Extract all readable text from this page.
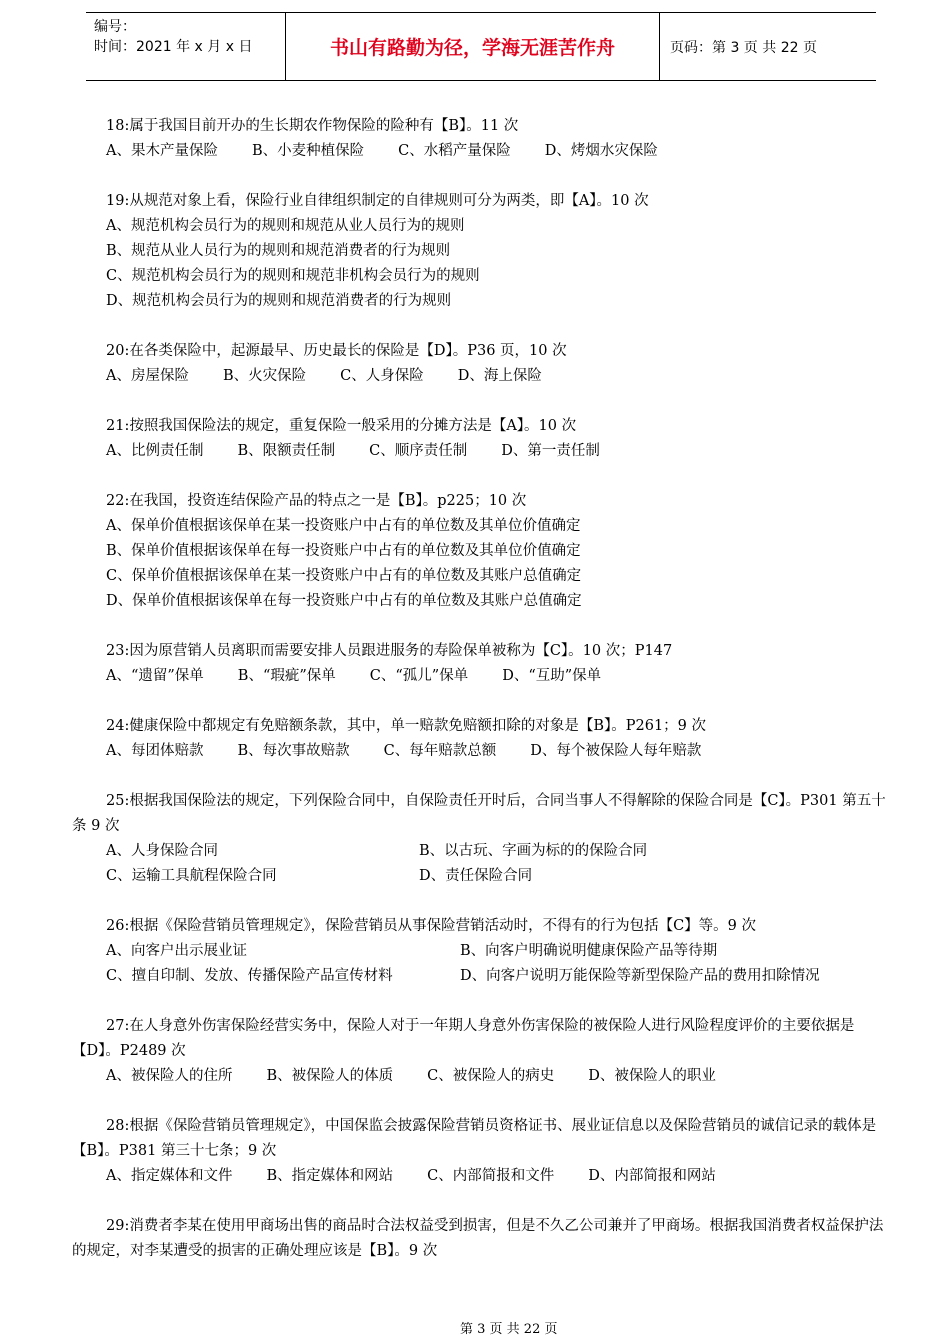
编号：
时间：2021 年 x 月 x 日	书山有路勤为径，学海无涯苦作舟	页码：第 3 页 共 22 页
18:属于我国目前开办的生长期农作物保险的险种有【B】。11 次
A、果木产量保险 B、小麦种植保险 C、水稻产量保险 D、烤烟水灾保险
19:从规范对象上看，保险行业自律组织制定的自律规则可分为两类，即【A】。10 次
A、规范机构会员行为的规则和规范从业人员行为的规则
B、规范从业人员行为的规则和规范消费者的行为规则
C、规范机构会员行为的规则和规范非机构会员行为的规则
D、规范机构会员行为的规则和规范消费者的行为规则
20:在各类保险中，起源最早、历史最长的保险是【D】。P36 页，10 次
A、房屋保险 B、火灾保险 C、人身保险 D、海上保险
21:按照我国保险法的规定，重复保险一般采用的分摊方法是【A】。10 次
A、比例责任制 B、限额责任制 C、顺序责任制 D、第一责任制
22:在我国，投资连结保险产品的特点之一是【B】。p225；10 次
A、保单价值根据该保单在某一投资账户中占有的单位数及其单位价值确定
B、保单价值根据该保单在每一投资账户中占有的单位数及其单位价值确定
C、保单价值根据该保单在某一投资账户中占有的单位数及其账户总值确定
D、保单价值根据该保单在每一投资账户中占有的单位数及其账户总值确定
23:因为原营销人员离职而需要安排人员跟进服务的寿险保单被称为【C】。10 次；P147
A、“遗留”保单 B、“瑕疵”保单 C、“孤儿”保单 D、“互助”保单
24:健康保险中都规定有免赔额条款，其中，单一赔款免赔额扣除的对象是【B】。P261；9 次
A、每团体赔款 B、每次事故赔款 C、每年赔款总额 D、每个被保险人每年赔款
25:根据我国保险法的规定，下列保险合同中，自保险责任开时后，合同当事人不得解除的保险合同是【C】。P301 第五十条 9 次
A、人身保险合同	B、以古玩、字画为标的的保险合同
C、运输工具航程保险合同	D、责任保险合同
26:根据《保险营销员管理规定》，保险营销员从事保险营销活动时，不得有的行为包括【C】等。9 次
A、向客户出示展业证	B、向客户明确说明健康保险产品等待期
C、擅自印制、发放、传播保险产品宣传材料	D、向客户说明万能保险等新型保险产品的费用扣除情况
27:在人身意外伤害保险经营实务中，保险人对于一年期人身意外伤害保险的被保险人进行风险程度评价的主要依据是【D】。P2489 次
A、被保险人的住所 B、被保险人的体质 C、被保险人的病史 D、被保险人的职业
28:根据《保险营销员管理规定》，中国保监会披露保险营销员资格证书、展业证信息以及保险营销员的诚信记录的载体是【B】。P381 第三十七条；9 次
A、指定媒体和文件 B、指定媒体和网站 C、内部简报和文件 D、内部简报和网站
29:消费者李某在使用甲商场出售的商品时合法权益受到损害，但是不久乙公司兼并了甲商场。根据我国消费者权益保护法的规定，对李某遭受的损害的正确处理应该是【B】。9 次
第 3 页 共 22 页
